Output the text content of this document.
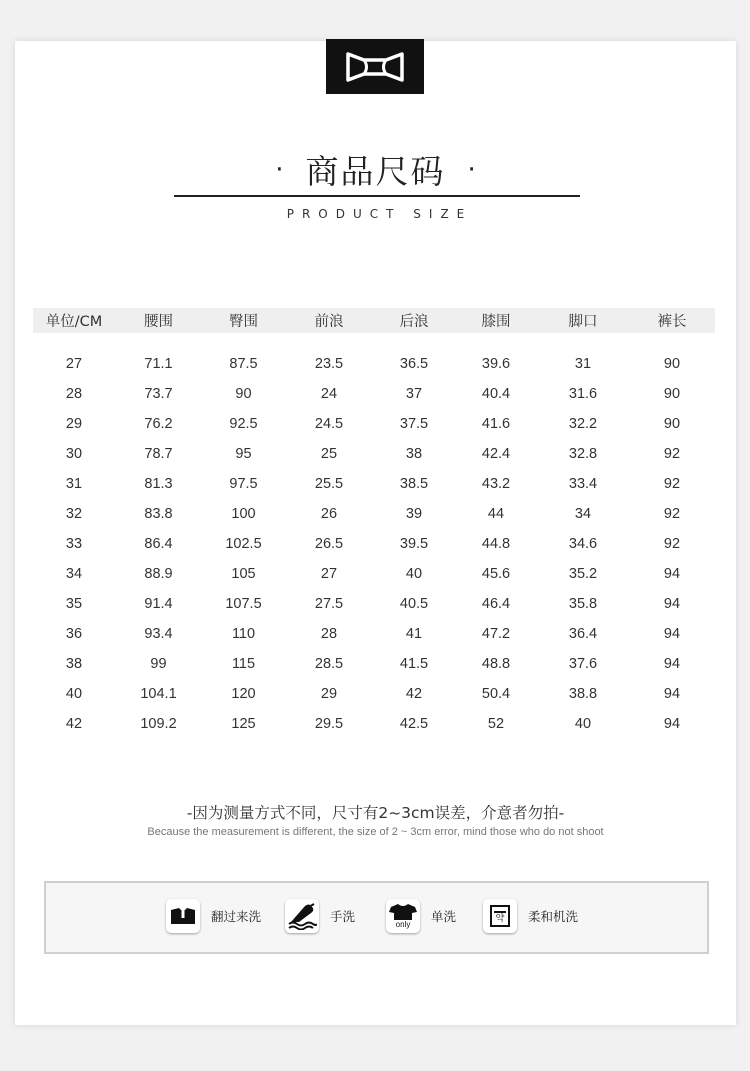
· 商品尺码 ·
PRODUCT SIZE
单位/CM	腰围	臀围	前浪	后浪	膝围	脚口	裤长
27	71.1	87.5	23.5	36.5	39.6	31	90
28	73.7	90	24	37	40.4	31.6	90
29	76.2	92.5	24.5	37.5	41.6	32.2	90
30	78.7	95	25	38	42.4	32.8	92
31	81.3	97.5	25.5	38.5	43.2	33.4	92
32	83.8	100	26	39	44	34	92
33	86.4	102.5	26.5	39.5	44.8	34.6	92
34	88.9	105	27	40	45.6	35.2	94
35	91.4	107.5	27.5	40.5	46.4	35.8	94
36	93.4	110	28	41	47.2	36.4	94
38	99	115	28.5	41.5	48.8	37.6	94
40	104.1	120	29	42	50.4	38.8	94
42	109.2	125	29.5	42.5	52	40	94
-因为测量方式不同，尺寸有2~3cm误差，介意者勿拍-
Because the measurement is different, the size of 2 ~ 3cm error, mind those who do not shoot
翻过来洗	手洗	only 单洗	약 柔和机洗
